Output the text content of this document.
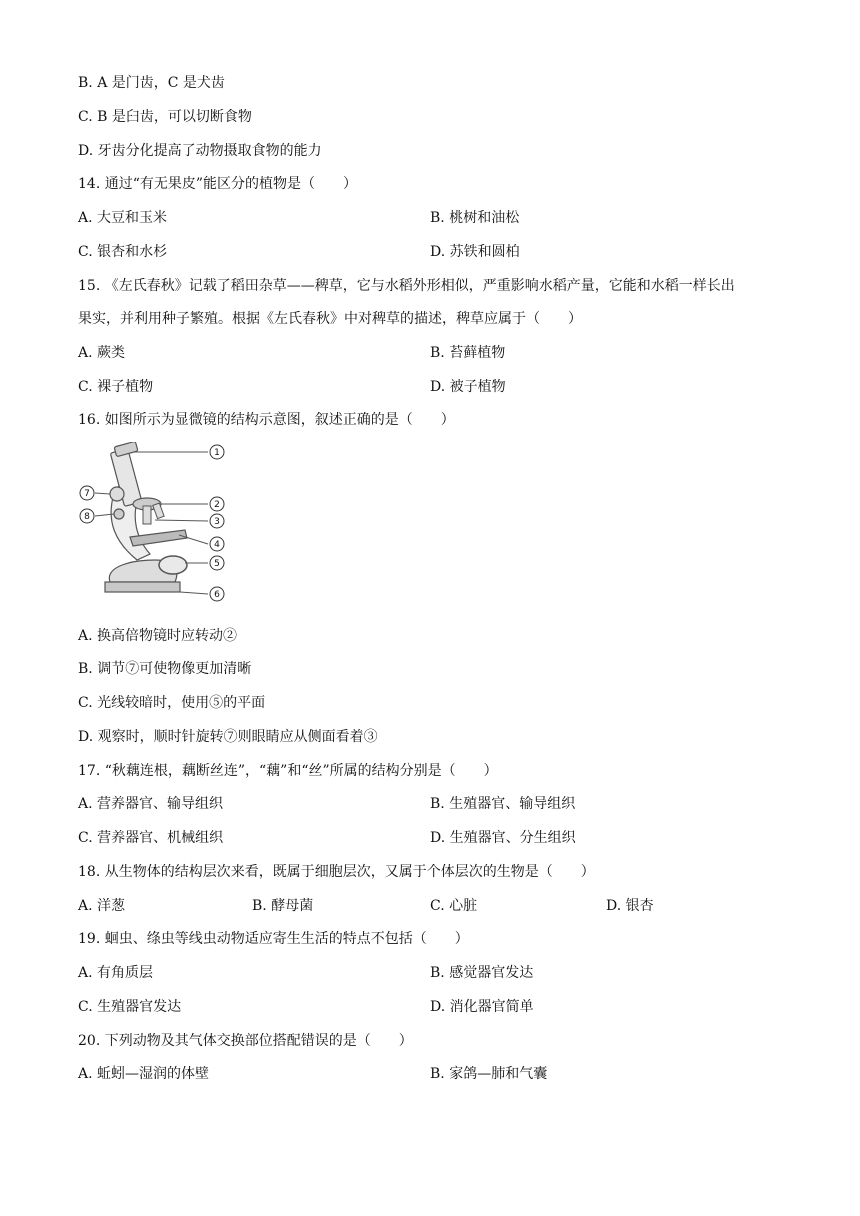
B. A 是门齿，C 是犬齿
C. B 是臼齿，可以切断食物
D. 牙齿分化提高了动物摄取食物的能力
14. 通过“有无果皮”能区分的植物是（　　）
A. 大豆和玉米	B. 桃树和油松
C. 银杏和水杉	D. 苏铁和圆柏
15. 《左氏春秋》记载了稻田杂草——稗草，它与水稻外形相似，严重影响水稻产量，它能和水稻一样长出
果实，并利用种子繁殖。根据《左氏春秋》中对稗草的描述，稗草应属于（　　）
A. 蕨类	B. 苔藓植物
C. 裸子植物	D. 被子植物
16. 如图所示为显微镜的结构示意图，叙述正确的是（　　）
1
2
3
4
5
6
7
8
A. 换高倍物镜时应转动②
B. 调节⑦可使物像更加清晰
C. 光线较暗时，使用⑤的平面
D. 观察时，顺时针旋转⑦则眼睛应从侧面看着③
17. “秋藕连根，藕断丝连”，“藕”和“丝”所属的结构分别是（　　）
A. 营养器官、输导组织	B. 生殖器官、输导组织
C. 营养器官、机械组织	D. 生殖器官、分生组织
18. 从生物体的结构层次来看，既属于细胞层次，又属于个体层次的生物是（　　）
A. 洋葱	B. 酵母菌	C. 心脏	D. 银杏
19. 蛔虫、绦虫等线虫动物适应寄生生活的特点不包括（　　）
A. 有角质层	B. 感觉器官发达
C. 生殖器官发达	D. 消化器官简单
20. 下列动物及其气体交换部位搭配错误的是（　　）
A. 蚯蚓—湿润的体壁	B. 家鸽—肺和气囊
